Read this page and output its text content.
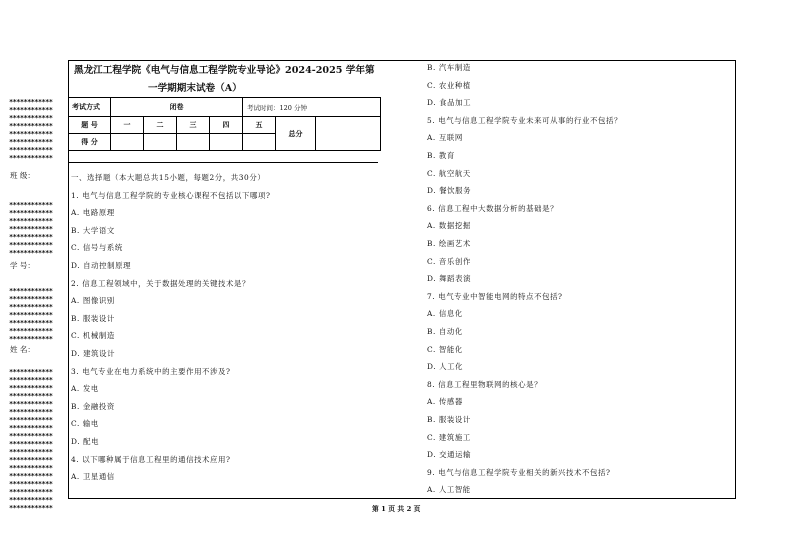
************
************
************
************
************
************
************
************
************
************
************
************
************
************
************
************
************
************
************
************
************
************
************
************
************
************
************
************
************
************
************
************
************
************
************
************
************
************
************
************
班 级：
学 号：
姓 名：
黑龙江工程学院《电气与信息工程学院专业导论》2024-2025 学年第
一学期期末试卷（A）
考试方式	闭卷				考试时间：120 分钟		
题 号	一	二	三	四	五	总分	
得 分							
一、选择题（本大题总共15小题，每题2分，共30分）
1. 电气与信息工程学院的专业核心课程不包括以下哪项?
A. 电路原理
B. 大学语文
C. 信号与系统
D. 自动控制原理
2. 信息工程领域中，关于数据处理的关键技术是？
A. 图像识别
B. 服装设计
C. 机械制造
D. 建筑设计
3. 电气专业在电力系统中的主要作用不涉及?
A. 发电
B. 金融投资
C. 输电
D. 配电
4. 以下哪种属于信息工程里的通信技术应用?
A. 卫星通信
B. 汽车制造
C. 农业种植
D. 食品加工
5. 电气与信息工程学院专业未来可从事的行业不包括？
A. 互联网
B. 教育
C. 航空航天
D. 餐饮服务
6. 信息工程中大数据分析的基础是？
A. 数据挖掘
B. 绘画艺术
C. 音乐创作
D. 舞蹈表演
7. 电气专业中智能电网的特点不包括?
A. 信息化
B. 自动化
C. 智能化
D. 人工化
8. 信息工程里物联网的核心是？
A. 传感器
B. 服装设计
C. 建筑施工
D. 交通运输
9. 电气与信息工程学院专业相关的新兴技术不包括?
A. 人工智能
第 1 页 共 2 页
